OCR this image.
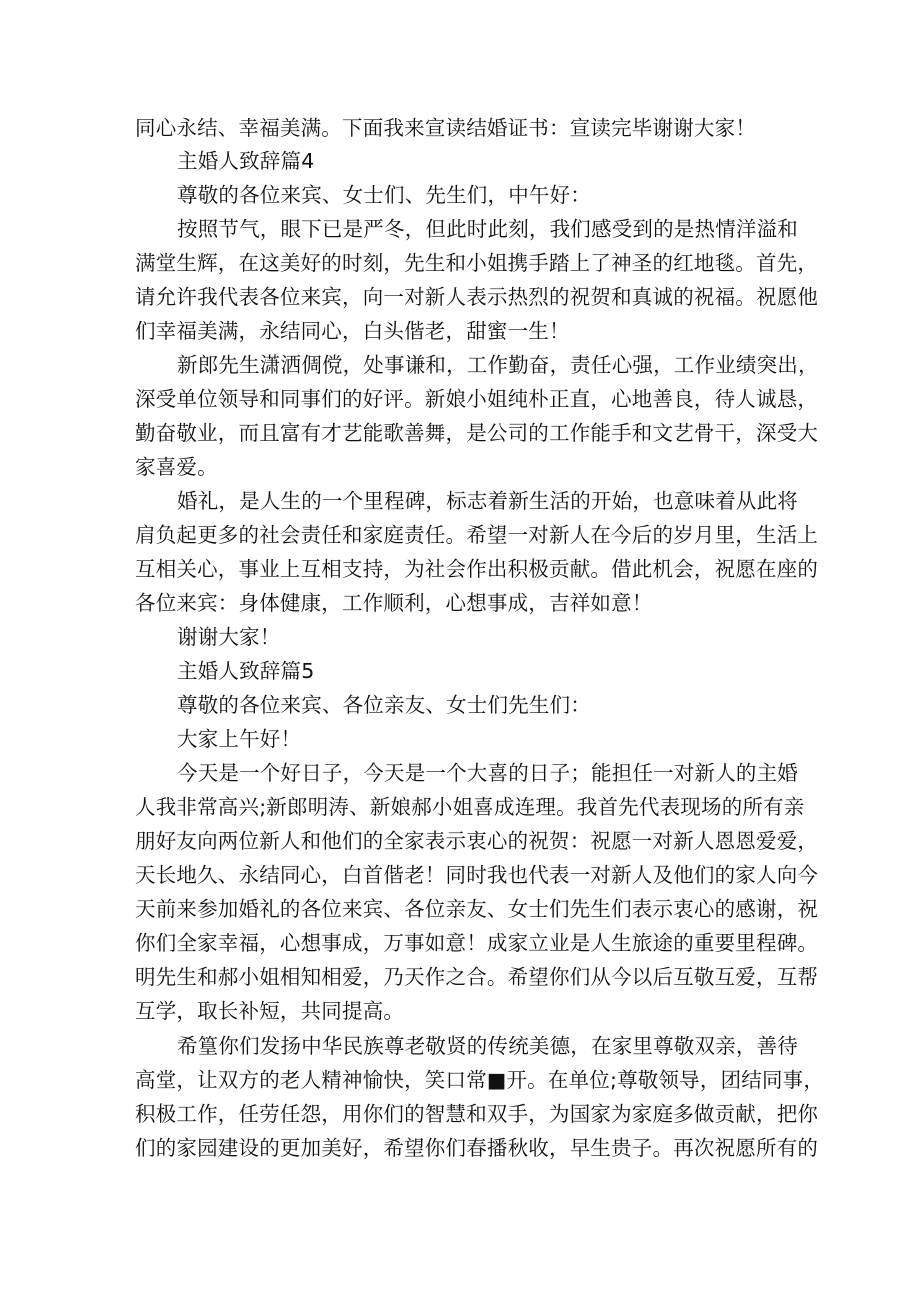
同心永结、幸福美满。下面我来宣读结婚证书：宣读完毕谢谢大家！
主婚人致辞篇4
尊敬的各位来宾、女士们、先生们，中午好：
按照节气，眼下已是严冬，但此时此刻，我们感受到的是热情洋溢和
满堂生辉，在这美好的时刻，先生和小姐携手踏上了神圣的红地毯。首先，
请允许我代表各位来宾，向一对新人表示热烈的祝贺和真诚的祝福。祝愿他
们幸福美满，永结同心，白头偕老，甜蜜一生！
新郎先生潇洒倜傥，处事谦和，工作勤奋，责任心强，工作业绩突出，
深受单位领导和同事们的好评。新娘小姐纯朴正直，心地善良，待人诚恳，
勤奋敬业，而且富有才艺能歌善舞，是公司的工作能手和文艺骨干，深受大
家喜爱。
婚礼，是人生的一个里程碑，标志着新生活的开始，也意味着从此将
肩负起更多的社会责任和家庭责任。希望一对新人在今后的岁月里，生活上
互相关心，事业上互相支持，为社会作出积极贡献。借此机会，祝愿在座的
各位来宾：身体健康，工作顺利，心想事成，吉祥如意！
谢谢大家！
主婚人致辞篇5
尊敬的各位来宾、各位亲友、女士们先生们：
大家上午好！
今天是一个好日子，今天是一个大喜的日子；能担任一对新人的主婚
人我非常高兴;新郎明涛、新娘郝小姐喜成连理。我首先代表现场的所有亲
朋好友向两位新人和他们的全家表示衷心的祝贺：祝愿一对新人恩恩爱爱，
天长地久、永结同心，白首偕老！同时我也代表一对新人及他们的家人向今
天前来参加婚礼的各位来宾、各位亲友、女士们先生们表示衷心的感谢，祝
你们全家幸福，心想事成，万事如意！成家立业是人生旅途的重要里程碑。
明先生和郝小姐相知相爱，乃天作之合。希望你们从今以后互敬互爱，互帮
互学，取长补短，共同提高。
希篁你们发扬中华民族尊老敬贤的传统美德，在家里尊敬双亲，善待
高堂，让双方的老人精神愉快，笑口常■开。在单位;尊敬领导，团结同事，
积极工作，任劳任怨，用你们的智慧和双手，为国家为家庭多做贡献，把你
们的家园建设的更加美好，希望你们春播秋收，早生贵子。再次祝愿所有的
